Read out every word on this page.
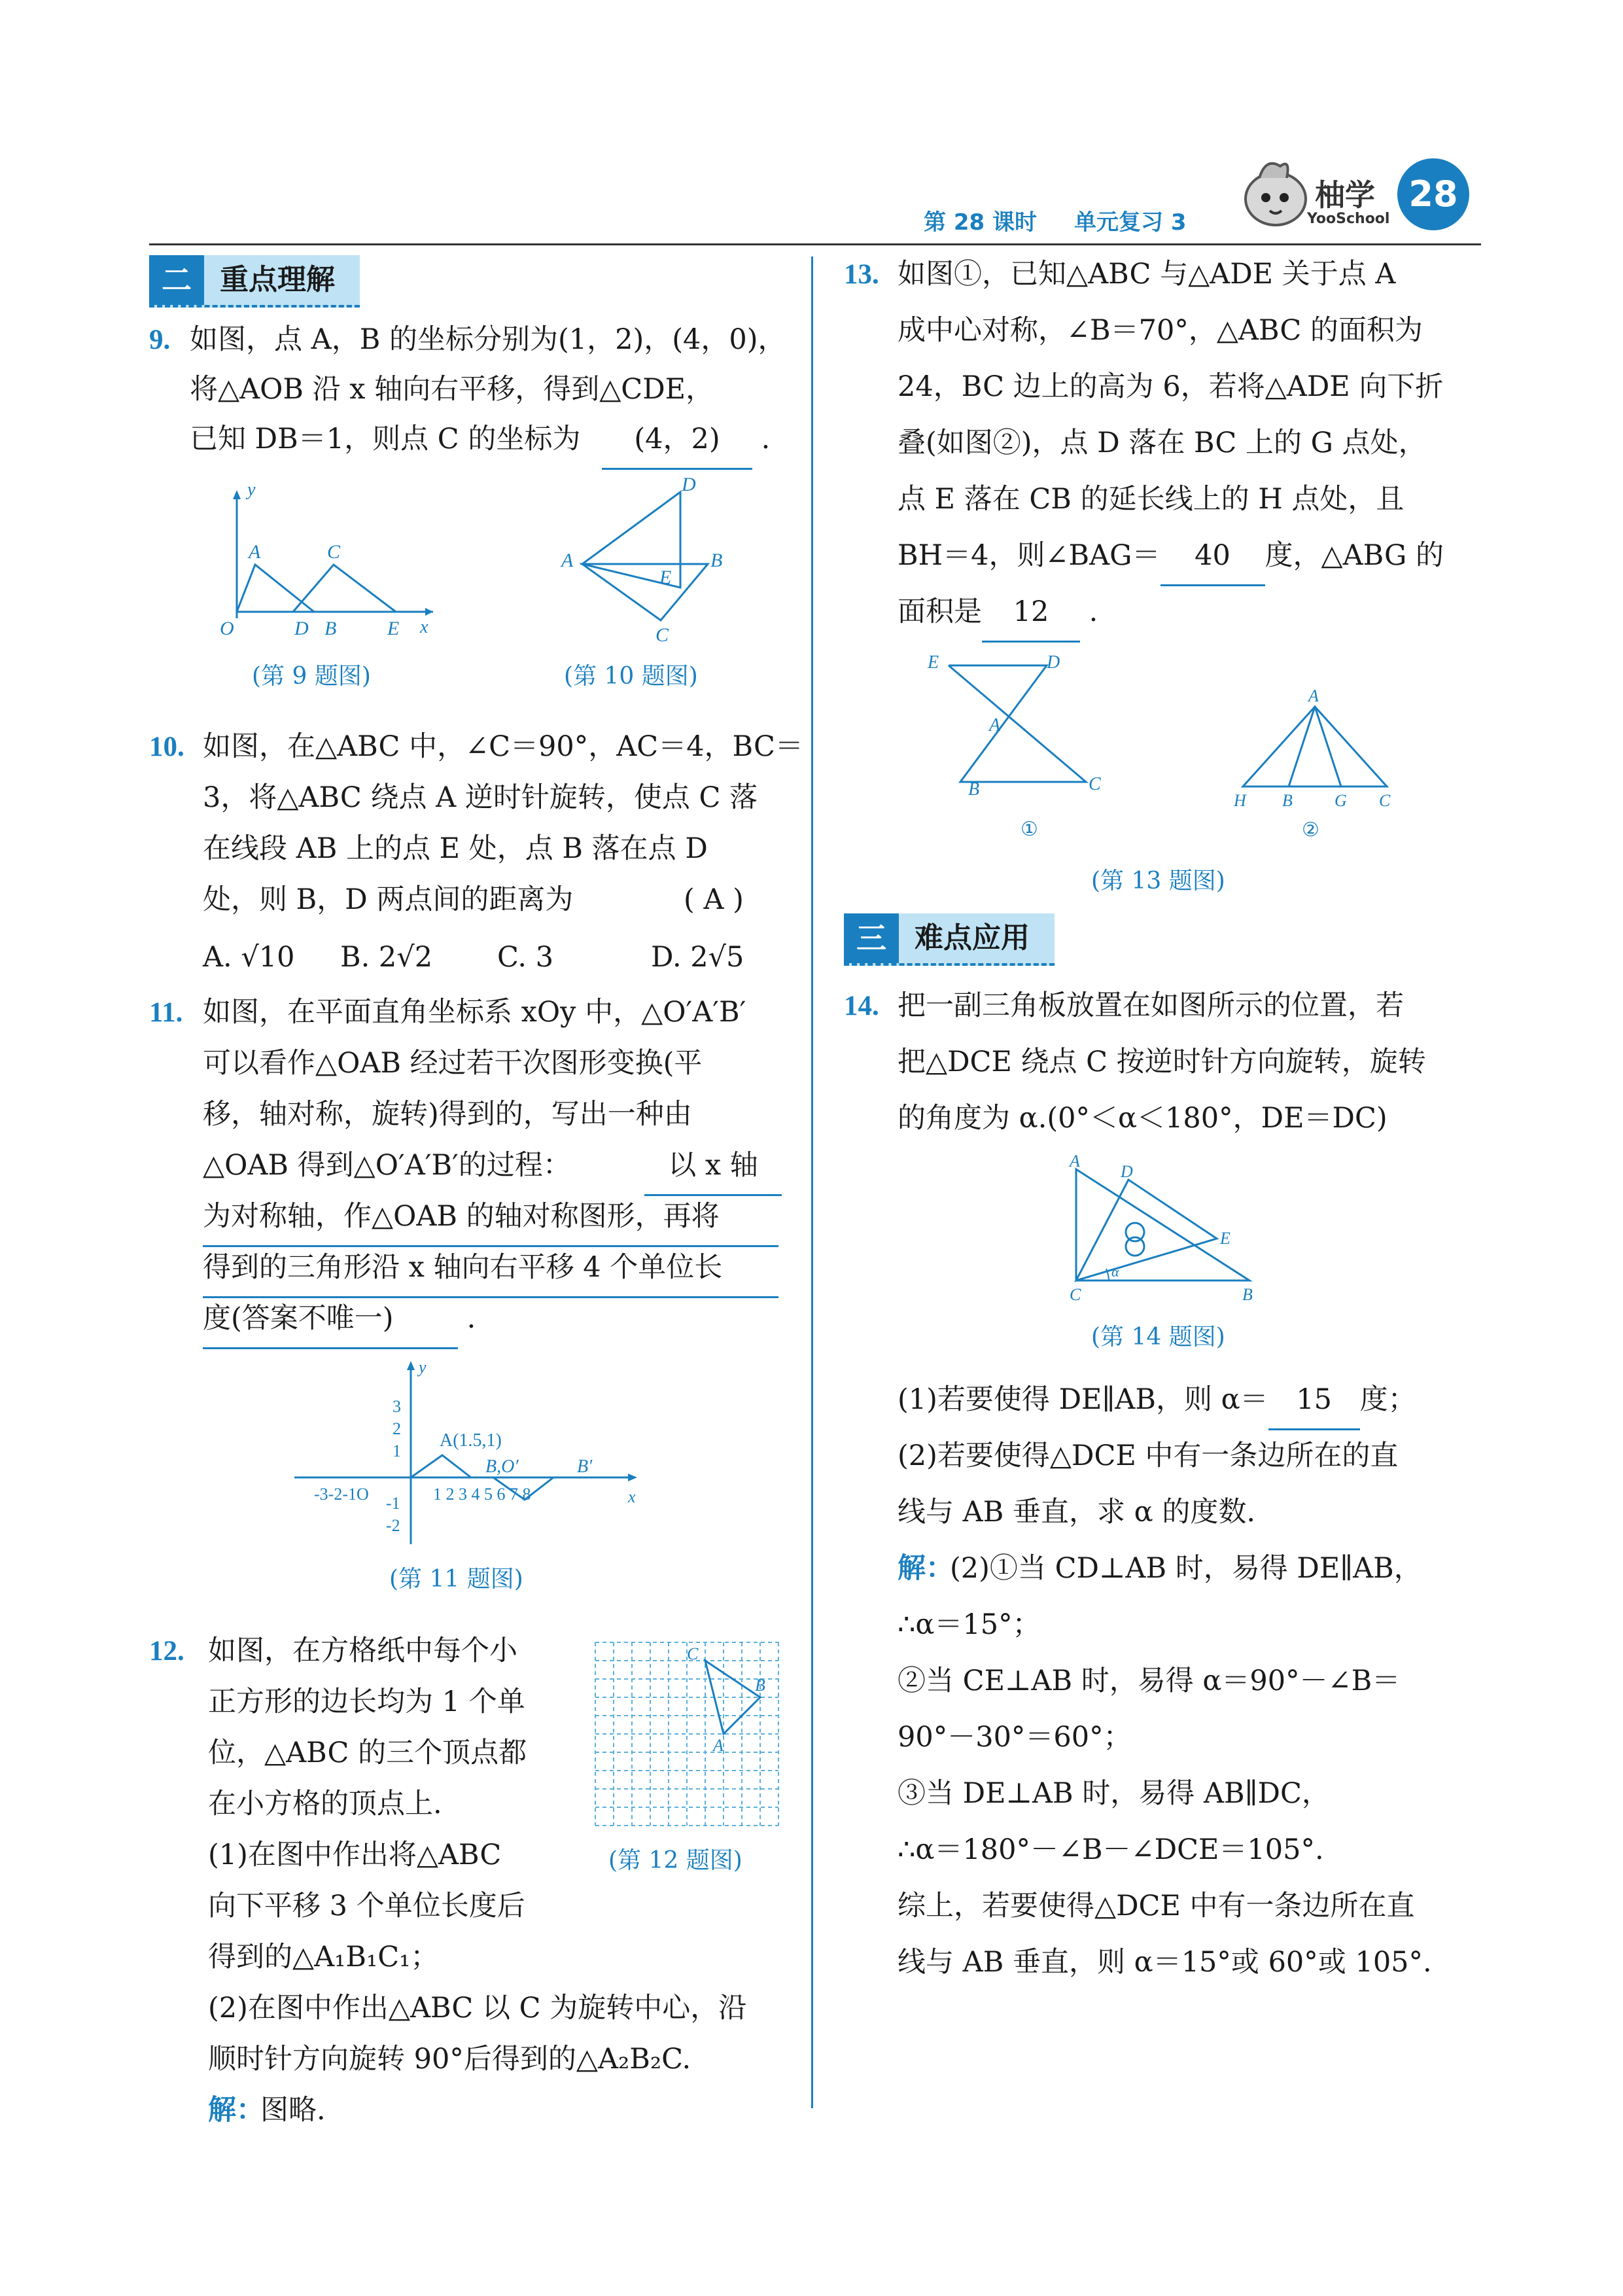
第 28 课时 单元复习 3
柚学
YooSchool
28
二 重点理解
9. 如图，点 A，B 的坐标分别为(1，2)，(4，0)，
将△AOB 沿 x 轴向右平移，得到△CDE，
已知 DB＝1，则点 C 的坐标为	(4，2) .
y
A	C
O	D B	E x
(第 9 题图)
D
A
E
B
C
(第 10 题图)
10. 如图，在△ABC 中，∠C＝90°，AC＝4，BC＝
3，将△ABC 绕点 A 逆时针旋转，使点 C 落
在线段 AB 上的点 E 处，点 B 落在点 D
处，则 B，D 两点间的距离为	( A )
A. √10 B. 2√2 C. 3	D. 2√5
11. 如图，在平面直角坐标系 xOy 中，△O′A′B′
可以看作△OAB 经过若干次图形变换(平
移，轴对称，旋转)得到的，写出一种由
△OAB 得到△O′A′B′的过程：	以 x 轴
为对称轴，作△OAB 的轴对称图形，再将
得到的三角形沿 x 轴向右平移 4 个单位长
度(答案不唯一) .
y
x
A(1.5,1)
B,O′	B′
3
2
1
-1
-2
-3-2-1O	1 2 3 4 5 6 7 8
(第 11 题图)
12. 如图，在方格纸中每个小
正方形的边长均为 1 个单
位，△ABC 的三个顶点都
在小方格的顶点上.
(1)在图中作出将△ABC
向下平移 3 个单位长度后
得到的△A₁B₁C₁；
(2)在图中作出△ABC 以 C 为旋转中心，沿
顺时针方向旋转 90°后得到的△A₂B₂C.
解：
图略.
C
B
A
(第 12 题图)
13. 如图①，已知△ABC 与△ADE 关于点 A
成中心对称，∠B＝70°，△ABC 的面积为
24，BC 边上的高为 6，若将△ADE 向下折
叠(如图②)，点 D 落在 BC 上的 G 点处，
点 E 落在 CB 的延长线上的 H 点处，且
BH＝4，则∠BAG＝ 40 度，△ABG 的
面积是 12 .
E	D
A
B	C
①
A
H B G C
②
(第 13 题图)
三 难点应用
14. 把一副三角板放置在如图所示的位置，若
把△DCE 绕点 C 按逆时针方向旋转，旋转
的角度为 α.(0°＜α＜180°，DE＝DC)
A
D
E
C	B
α
(第 14 题图)
(1)若要使得 DE∥AB，则 α＝ 15 度；
(2)若要使得△DCE 中有一条边所在的直
线与 AB 垂直，求 α 的度数.
解：
(2)①当 CD⊥AB 时，易得 DE∥AB，
∴α＝15°；
②当 CE⊥AB 时，易得 α＝90°－∠B＝
90°－30°＝60°；
③当 DE⊥AB 时，易得 AB∥DC，
∴α＝180°－∠B－∠DCE＝105°.
综上，若要使得△DCE 中有一条边所在直
线与 AB 垂直，则 α＝15°或 60°或 105°.
